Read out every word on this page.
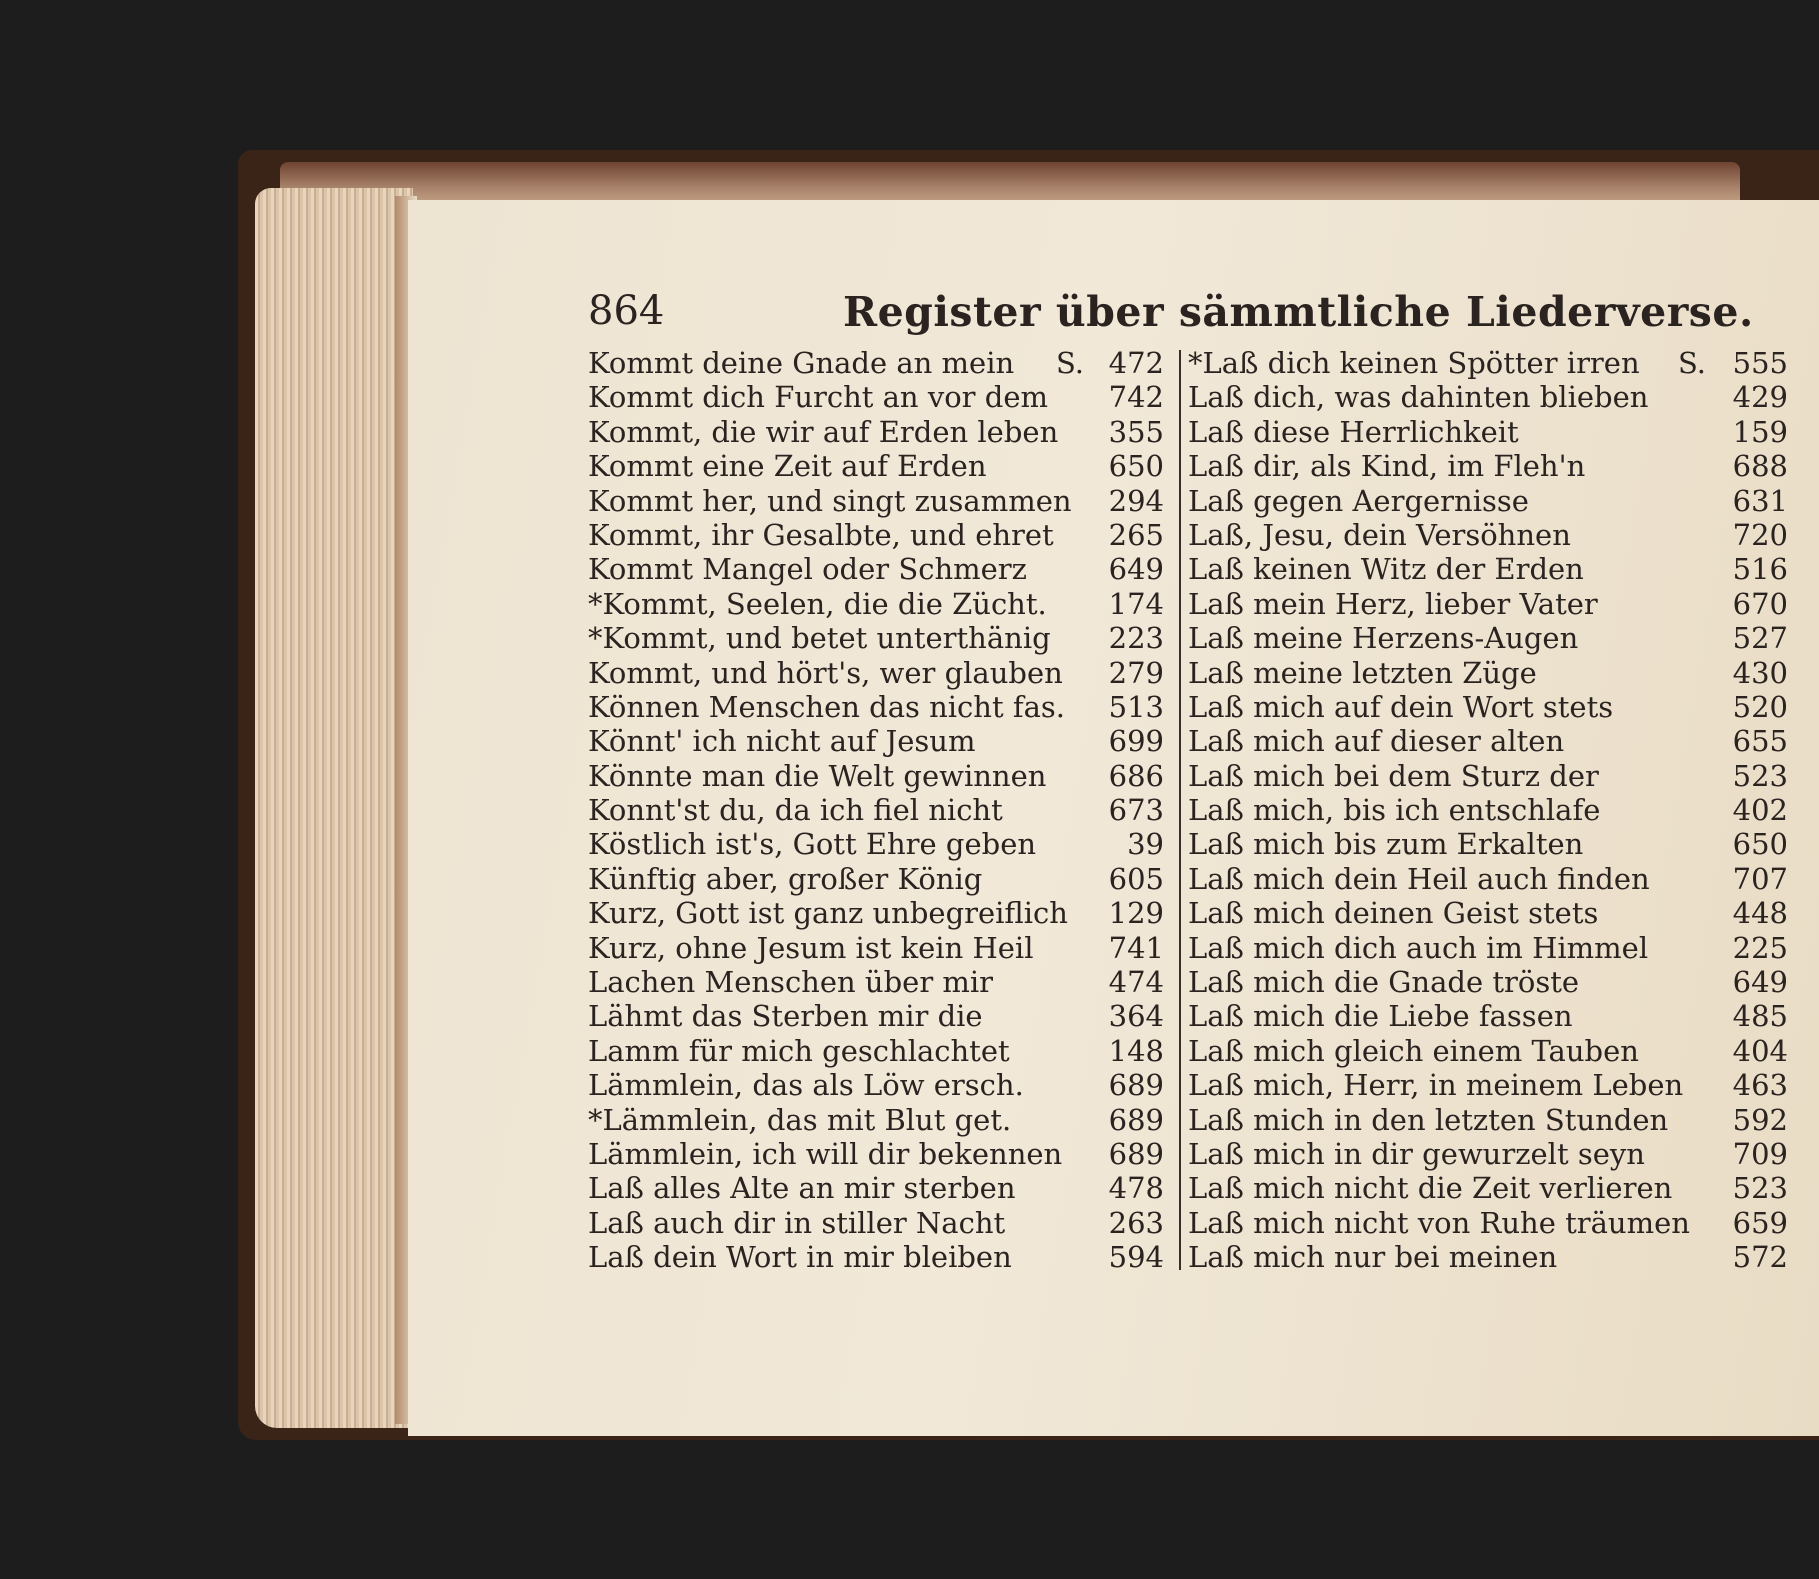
864	Register über sämmtliche Liederverse.
Kommt deine Gnade an mein S. 472
Kommt dich Furcht an vor dem 742
Kommt, die wir auf Erden leben 355
Kommt eine Zeit auf Erden	650
Kommt her, und singt zusammen 294
Kommt, ihr Gesalbte, und ehret 265
Kommt Mangel oder Schmerz	649
*Kommt, Seelen, die die Zücht. 174
*Kommt, und betet unterthänig 223
Kommt, und hört's, wer glauben 279
Können Menschen das nicht fas. 513
Könnt' ich nicht auf Jesum	699
Könnte man die Welt gewinnen 686
Konnt'st du, da ich fiel nicht	673
Köstlich ist's, Gott Ehre geben	39
Künftig aber, großer König	605
Kurz, Gott ist ganz unbegreiflich 129
Kurz, ohne Jesum ist kein Heil	741
Lachen Menschen über mir	474
Lähmt das Sterben mir die	364
Lamm für mich geschlachtet	148
Lämmlein, das als Löw ersch.	689
*Lämmlein, das mit Blut get.	689
Lämmlein, ich will dir bekennen 689
Laß alles Alte an mir sterben	478
Laß auch dir in stiller Nacht	263
Laß dein Wort in mir bleiben	594
*Laß dich keinen Spötter irren S. 555
Laß dich, was dahinten blieben	429
Laß diese Herrlichkeit	159
Laß dir, als Kind, im Fleh'n	688
Laß gegen Aergernisse	631
Laß, Jesu, dein Versöhnen	720
Laß keinen Witz der Erden	516
Laß mein Herz, lieber Vater	670
Laß meine Herzens-Augen	527
Laß meine letzten Züge	430
Laß mich auf dein Wort stets	520
Laß mich auf dieser alten	655
Laß mich bei dem Sturz der	523
Laß mich, bis ich entschlafe	402
Laß mich bis zum Erkalten	650
Laß mich dein Heil auch finden	707
Laß mich deinen Geist stets	448
Laß mich dich auch im Himmel	225
Laß mich die Gnade tröste	649
Laß mich die Liebe fassen	485
Laß mich gleich einem Tauben	404
Laß mich, Herr, in meinem Leben 463
Laß mich in den letzten Stunden 592
Laß mich in dir gewurzelt seyn	709
Laß mich nicht die Zeit verlieren 523
Laß mich nicht von Ruhe träumen 659
Laß mich nur bei meinen	572
